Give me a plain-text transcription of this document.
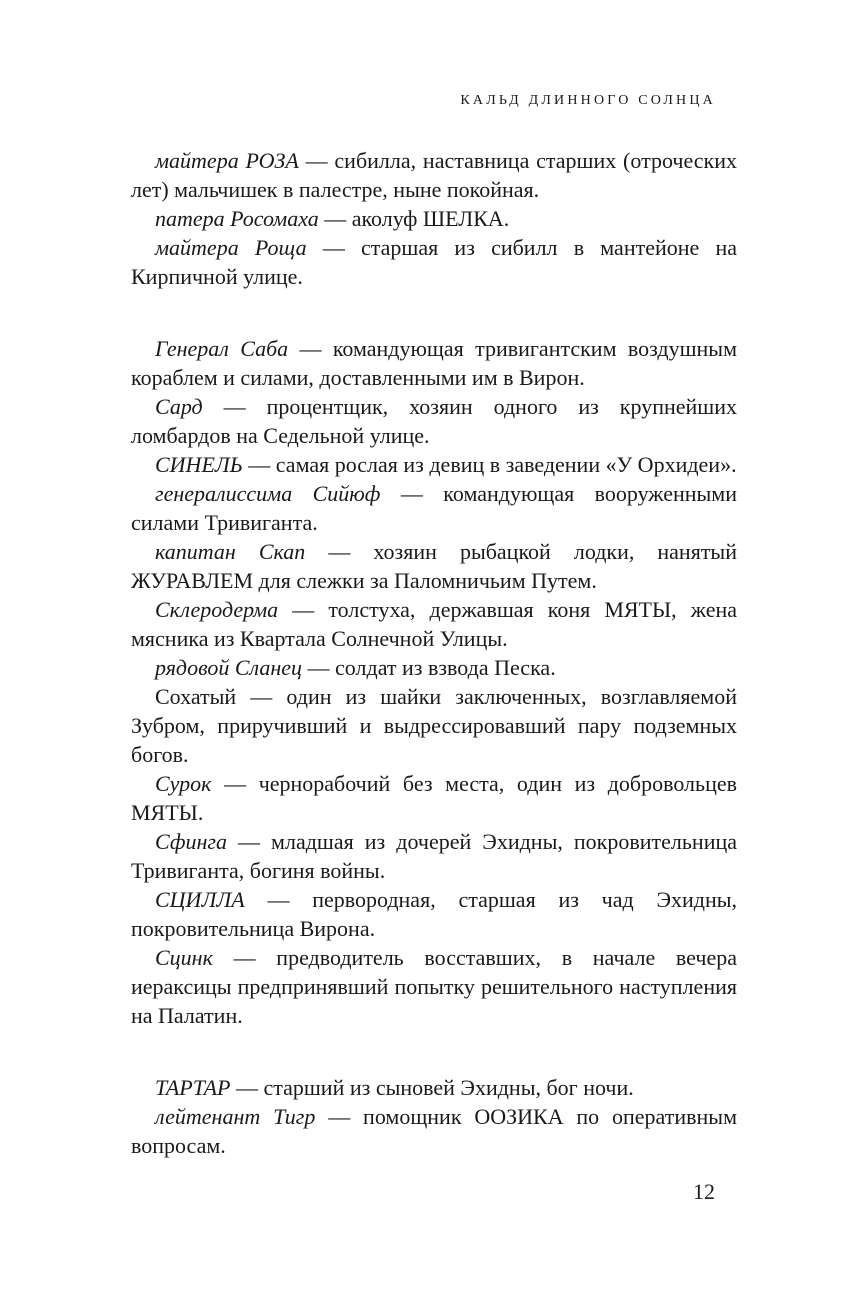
КАЛЬД ДЛИННОГО СОЛНЦА

майтера РОЗА — сибилла, наставница старших (отроческих лет) мальчишек в палестре, ныне покойная.

патера Росомаха — аколуф ШЕЛКА.

майтера Роща — старшая из сибилл в мантейоне на Кирпичной улице.

Генерал Саба — командующая тривигантским воздушным кораблем и силами, доставленными им в Вирон.

Сард — процентщик, хозяин одного из крупнейших ломбардов на Седельной улице.

СИНЕЛЬ — самая рослая из девиц в заведении «У Орхидеи».

генералиссима Сийюф — командующая вооруженными силами Тривиганта.

капитан Скап — хозяин рыбацкой лодки, нанятый ЖУРАВЛЕМ для слежки за Паломничьим Путем.

Склеродерма — толстуха, державшая коня МЯТЫ, жена мясника из Квартала Солнечной Улицы.

рядовой Сланец — солдат из взвода Песка.

Сохатый — один из шайки заключенных, возглавляемой Зубром, приручивший и выдрессировавший пару подземных богов.

Сурок — чернорабочий без места, один из добровольцев МЯТЫ.

Сфинга — младшая из дочерей Эхидны, покровительница Тривиганта, богиня войны.

СЦИЛЛА — первородная, старшая из чад Эхидны, покровительница Вирона.

Сцинк — предводитель восставших, в начале вечера иераксицы предпринявший попытку решительного наступления на Палатин.

ТАРТАР — старший из сыновей Эхидны, бог ночи.

лейтенант Тигр — помощник ООЗИКА по оперативным вопросам.

12
